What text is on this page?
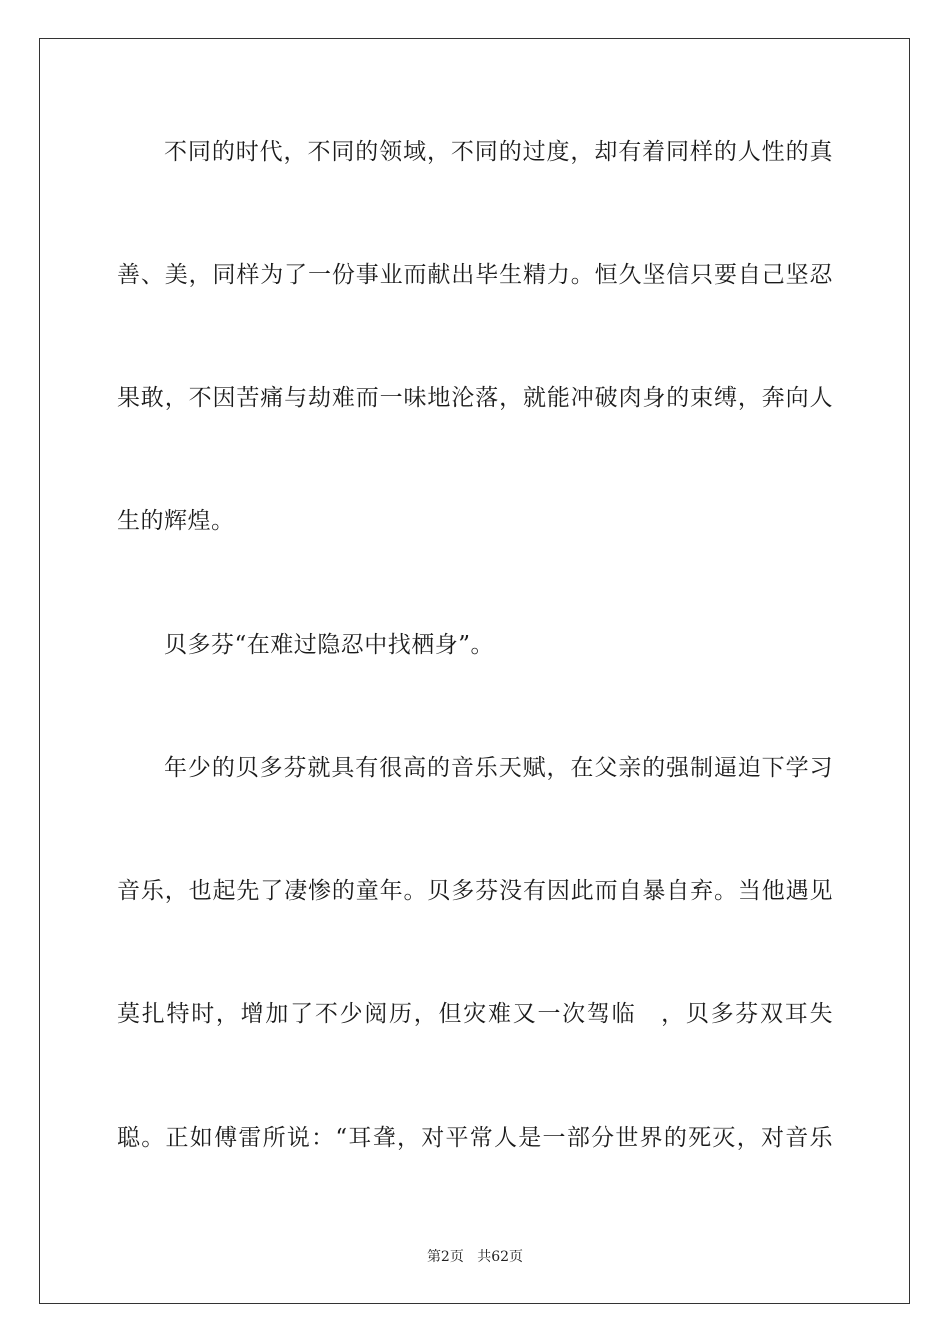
不同的时代，不同的领域，不同的过度，却有着同样的人性的真
善、美，同样为了一份事业而献出毕生精力。恒久坚信只要自己坚忍
果敢，不因苦痛与劫难而一味地沦落，就能冲破肉身的束缚，奔向人
生的辉煌。
贝多芬“在难过隐忍中找栖身”。
年少的贝多芬就具有很高的音乐天赋，在父亲的强制逼迫下学习
音乐，也起先了凄惨的童年。贝多芬没有因此而自暴自弃。当他遇见
莫扎特时，增加了不少阅历，但灾难又一次驾临　，贝多芬双耳失
聪。正如傅雷所说：“耳聋，对平常人是一部分世界的死灭，对音乐
第2页 共62页
